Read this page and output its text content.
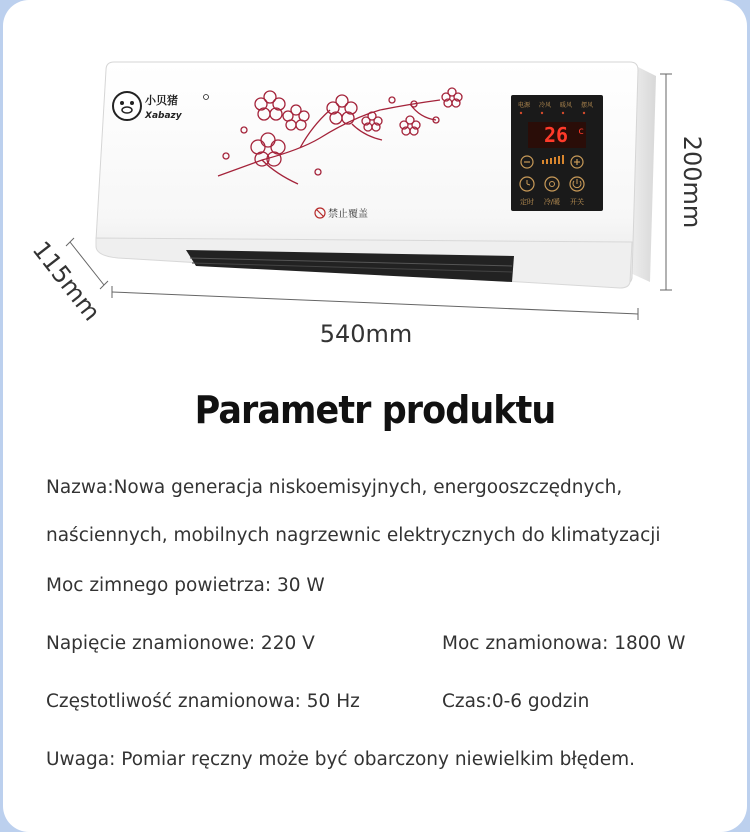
小贝猪
Xabazy
禁止覆盖
电源 冷风 暖风 摆风
26 c
定时 冷/暖 开关
540mm
200mm
115mm
Parametr produktu
Nazwa:Nowa generacja niskoemisyjnych, energooszczędnych,
naściennych, mobilnych nagrzewnic elektrycznych do klimatyzacji
Moc zimnego powietrza: 30 W
Napięcie znamionowe: 220 V	Moc znamionowa: 1800 W
Częstotliwość znamionowa: 50 Hz	Czas:0-6 godzin
Uwaga: Pomiar ręczny może być obarczony niewielkim błędem.
